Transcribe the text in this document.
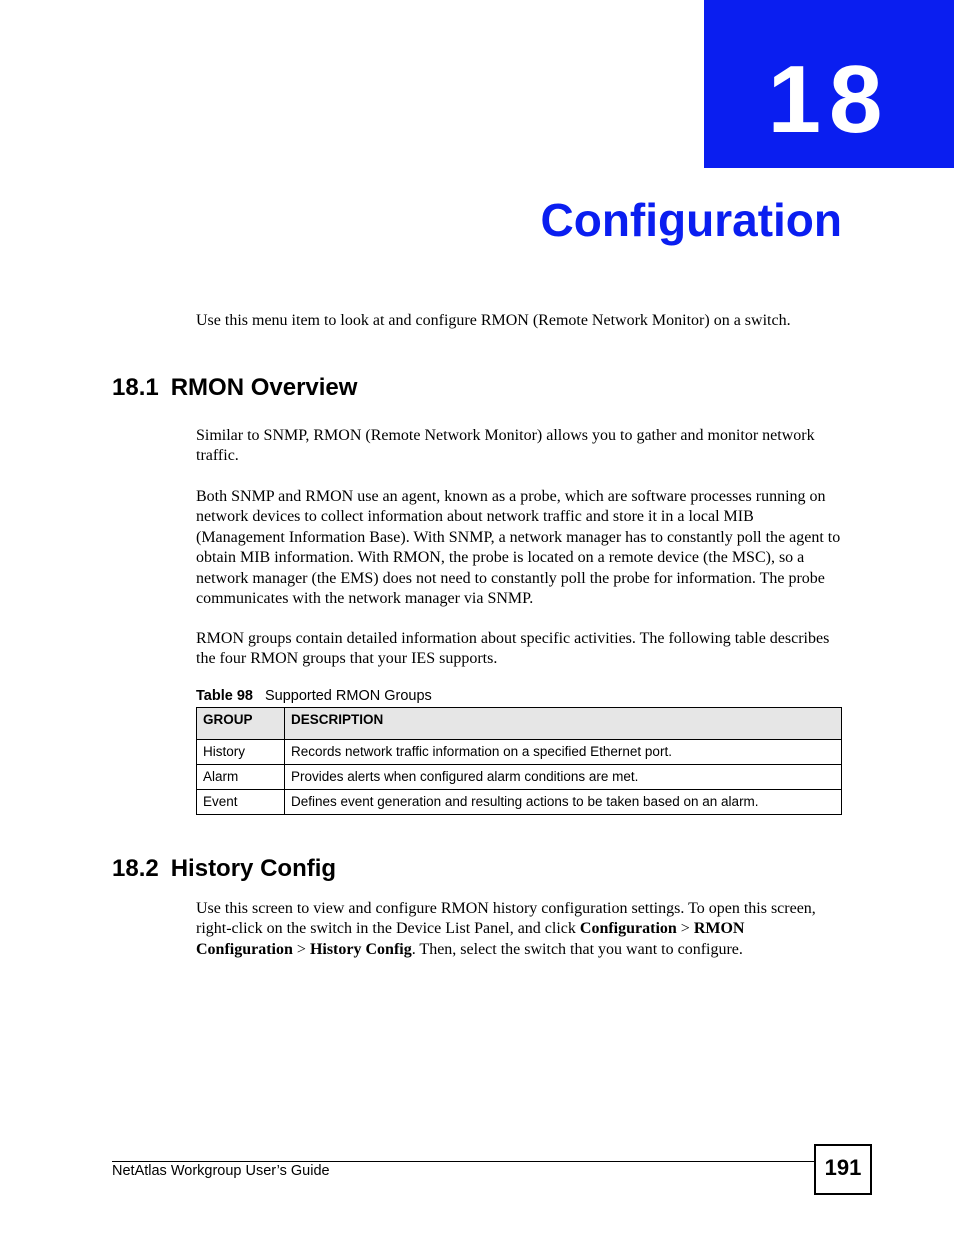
18
Configuration

Use this menu item to look at and configure RMON (Remote Network Monitor) on a switch.

18.1 RMON Overview

Similar to SNMP, RMON (Remote Network Monitor) allows you to gather and monitor network traffic.

Both SNMP and RMON use an agent, known as a probe, which are software processes running on network devices to collect information about network traffic and store it in a local MIB (Management Information Base). With SNMP, a network manager has to constantly poll the agent to obtain MIB information. With RMON, the probe is located on a remote device (the MSC), so a network manager (the EMS) does not need to constantly poll the probe for information. The probe communicates with the network manager via SNMP.

RMON groups contain detailed information about specific activities. The following table describes the four RMON groups that your IES supports.

Table 98 Supported RMON Groups
GROUP	DESCRIPTION
History	Records network traffic information on a specified Ethernet port.
Alarm	Provides alerts when configured alarm conditions are met.
Event	Defines event generation and resulting actions to be taken based on an alarm.
18.2 History Config

Use this screen to view and configure RMON history configuration settings. To open this screen, right-click on the switch in the Device List Panel, and click Configuration > RMON Configuration > History Config. Then, select the switch that you want to configure.

NetAtlas Workgroup User’s Guide	191
